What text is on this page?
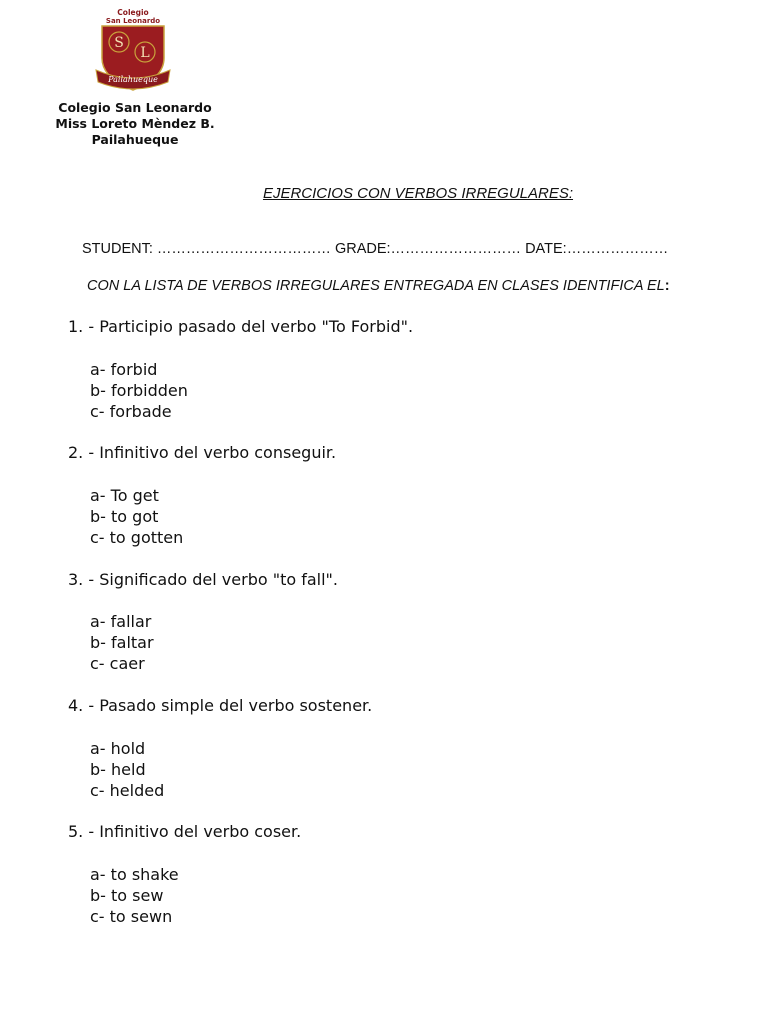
Colegio
San Leonardo
S
L
Pailahueque
Colegio San Leonardo
Miss Loreto Mèndez B.
Pailahueque
EJERCICIOS CON VERBOS IRREGULARES:
STUDENT: ……………………………… GRADE:……………………… DATE:…………………
CON LA LISTA DE VERBOS IRREGULARES ENTREGADA EN CLASES IDENTIFICA EL:
1. - Participio pasado del verbo "To Forbid".
a- forbid
b- forbidden
c- forbade
2. - Infinitivo del verbo conseguir.
a- To get
b- to got
c- to gotten
3. - Significado del verbo "to fall".
a- fallar
b- faltar
c- caer
4. - Pasado simple del verbo sostener.
a- hold
b- held
c- helded
5. - Infinitivo del verbo coser.
a- to shake
b- to sew
c- to sewn
